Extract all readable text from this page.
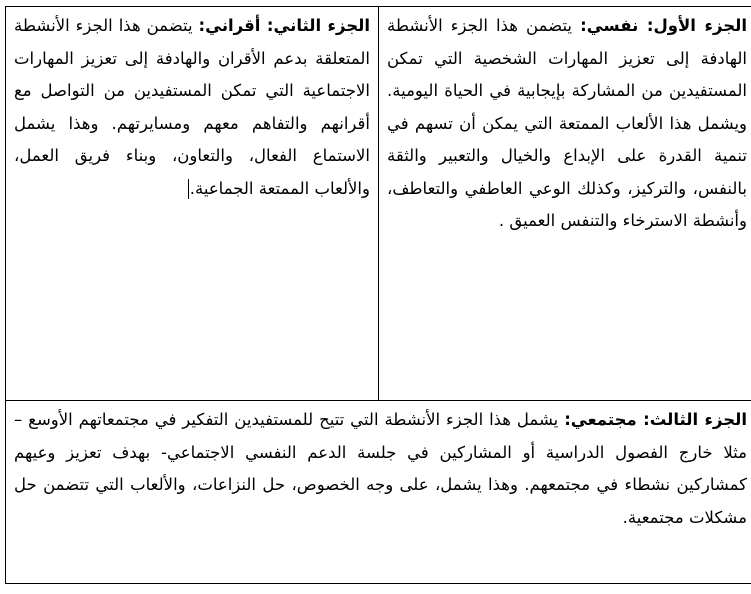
الجزء الأول: نفسي: يتضمن هذا الجزء الأنشطة الهادفة إلى تعزيز المهارات الشخصية التي تمكن المستفيدين من المشاركة بإيجابية في الحياة اليومية. ويشمل هذا الألعاب الممتعة التي يمكن أن تسهم في تنمية القدرة على الإبداع والخيال والتعبير والثقة بالنفس، والتركيز، وكذلك الوعي العاطفي والتعاطف، وأنشطة الاسترخاء والتنفس العميق .

الجزء الثاني: أقراني: يتضمن هذا الجزء الأنشطة المتعلقة بدعم الأقران والهادفة إلى تعزيز المهارات الاجتماعية التي تمكن المستفيدين من التواصل مع أقرانهم والتفاهم معهم ومسايرتهم. وهذا يشمل الاستماع الفعال، والتعاون، وبناء فريق العمل، والألعاب الممتعة الجماعية.

الجزء الثالث: مجتمعي: يشمل هذا الجزء الأنشطة التي تتيح للمستفيدين التفكير في مجتمعاتهم الأوسع – مثلا خارج الفصول الدراسية أو المشاركين في جلسة الدعم النفسي الاجتماعي- بهدف تعزيز وعيهم كمشاركين نشطاء في مجتمعهم. وهذا يشمل، على وجه الخصوص، حل النزاعات، والألعاب التي تتضمن حل مشكلات مجتمعية.
